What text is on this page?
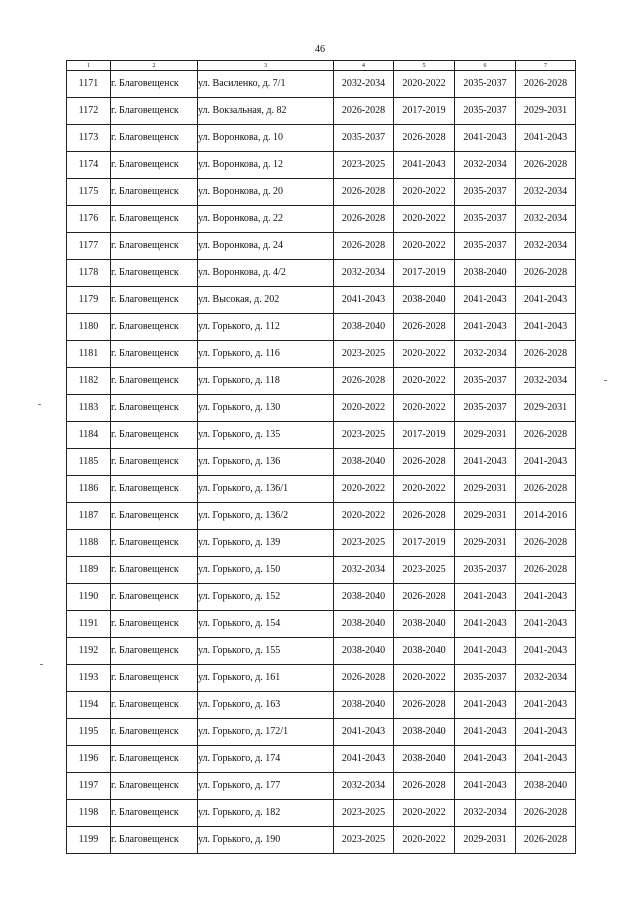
46
1	2	3	4	5	6	7
1171	г. Благовещенск	ул. Василенко, д. 7/1	2032-2034	2020-2022	2035-2037	2026-2028
1172	г. Благовещенск	ул. Вокзальная, д. 82	2026-2028	2017-2019	2035-2037	2029-2031
1173	г. Благовещенск	ул. Воронкова, д. 10	2035-2037	2026-2028	2041-2043	2041-2043
1174	г. Благовещенск	ул. Воронкова, д. 12	2023-2025	2041-2043	2032-2034	2026-2028
1175	г. Благовещенск	ул. Воронкова, д. 20	2026-2028	2020-2022	2035-2037	2032-2034
1176	г. Благовещенск	ул. Воронкова, д. 22	2026-2028	2020-2022	2035-2037	2032-2034
1177	г. Благовещенск	ул. Воронкова, д. 24	2026-2028	2020-2022	2035-2037	2032-2034
1178	г. Благовещенск	ул. Воронкова, д. 4/2	2032-2034	2017-2019	2038-2040	2026-2028
1179	г. Благовещенск	ул. Высокая, д. 202	2041-2043	2038-2040	2041-2043	2041-2043
1180	г. Благовещенск	ул. Горького, д. 112	2038-2040	2026-2028	2041-2043	2041-2043
1181	г. Благовещенск	ул. Горького, д. 116	2023-2025	2020-2022	2032-2034	2026-2028
1182	г. Благовещенск	ул. Горького, д. 118	2026-2028	2020-2022	2035-2037	2032-2034
1183	г. Благовещенск	ул. Горького, д. 130	2020-2022	2020-2022	2035-2037	2029-2031
1184	г. Благовещенск	ул. Горького, д. 135	2023-2025	2017-2019	2029-2031	2026-2028
1185	г. Благовещенск	ул. Горького, д. 136	2038-2040	2026-2028	2041-2043	2041-2043
1186	г. Благовещенск	ул. Горького, д. 136/1	2020-2022	2020-2022	2029-2031	2026-2028
1187	г. Благовещенск	ул. Горького, д. 136/2	2020-2022	2026-2028	2029-2031	2014-2016
1188	г. Благовещенск	ул. Горького, д. 139	2023-2025	2017-2019	2029-2031	2026-2028
1189	г. Благовещенск	ул. Горького, д. 150	2032-2034	2023-2025	2035-2037	2026-2028
1190	г. Благовещенск	ул. Горького, д. 152	2038-2040	2026-2028	2041-2043	2041-2043
1191	г. Благовещенск	ул. Горького, д. 154	2038-2040	2038-2040	2041-2043	2041-2043
1192	г. Благовещенск	ул. Горького, д. 155	2038-2040	2038-2040	2041-2043	2041-2043
1193	г. Благовещенск	ул. Горького, д. 161	2026-2028	2020-2022	2035-2037	2032-2034
1194	г. Благовещенск	ул. Горького, д. 163	2038-2040	2026-2028	2041-2043	2041-2043
1195	г. Благовещенск	ул. Горького, д. 172/1	2041-2043	2038-2040	2041-2043	2041-2043
1196	г. Благовещенск	ул. Горького, д. 174	2041-2043	2038-2040	2041-2043	2041-2043
1197	г. Благовещенск	ул. Горького, д. 177	2032-2034	2026-2028	2041-2043	2038-2040
1198	г. Благовещенск	ул. Горького, д. 182	2023-2025	2020-2022	2032-2034	2026-2028
1199	г. Благовещенск	ул. Горького, д. 190	2023-2025	2020-2022	2029-2031	2026-2028
